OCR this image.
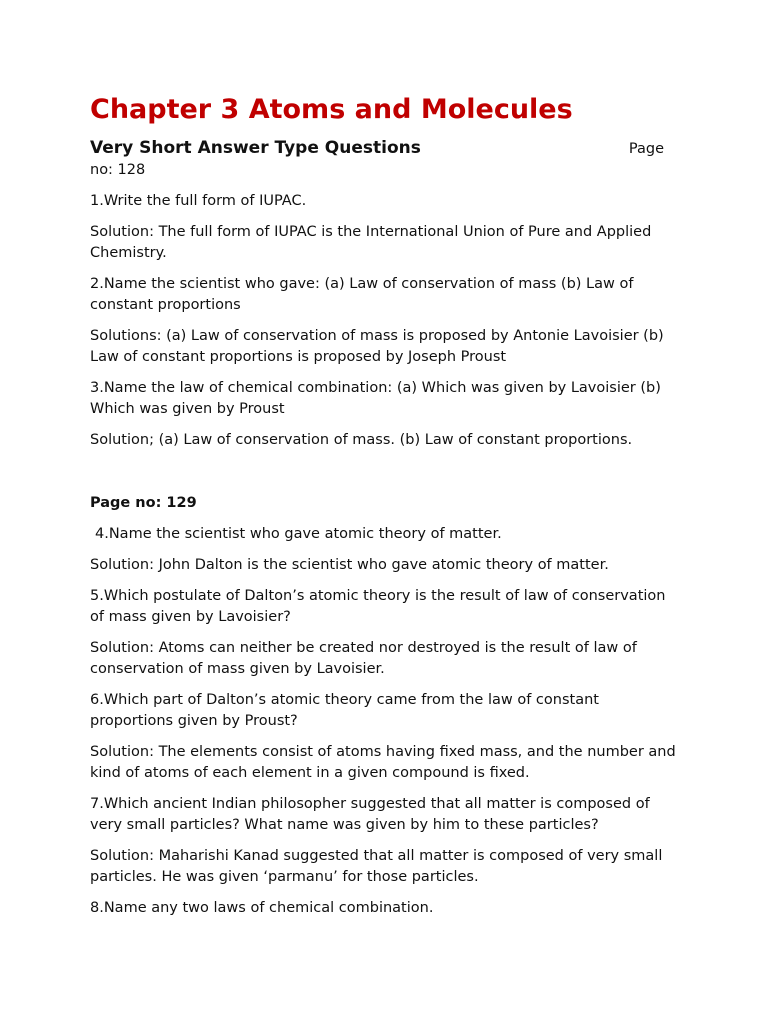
Chapter 3 Atoms and Molecules
Very Short Answer Type Questions	Page
no: 128

1.Write the full form of IUPAC.

Solution: The full form of IUPAC is the International Union of Pure and Applied Chemistry.

2.Name the scientist who gave: (a) Law of conservation of mass (b) Law of constant proportions

Solutions: (a) Law of conservation of mass is proposed by Antonie Lavoisier (b) Law of constant proportions is proposed by Joseph Proust

3.Name the law of chemical combination: (a) Which was given by Lavoisier (b) Which was given by Proust

Solution; (a) Law of conservation of mass. (b) Law of constant proportions.

Page no: 129

4.Name the scientist who gave atomic theory of matter.

Solution: John Dalton is the scientist who gave atomic theory of matter.

5.Which postulate of Dalton’s atomic theory is the result of law of conservation of mass given by Lavoisier?

Solution: Atoms can neither be created nor destroyed is the result of law of conservation of mass given by Lavoisier.

6.Which part of Dalton’s atomic theory came from the law of constant proportions given by Proust?

Solution: The elements consist of atoms having fixed mass, and the number and kind of atoms of each element in a given compound is fixed.

7.Which ancient Indian philosopher suggested that all matter is composed of very small particles? What name was given by him to these particles?

Solution: Maharishi Kanad suggested that all matter is composed of very small particles. He was given ‘parmanu’ for those particles.

8.Name any two laws of chemical combination.
